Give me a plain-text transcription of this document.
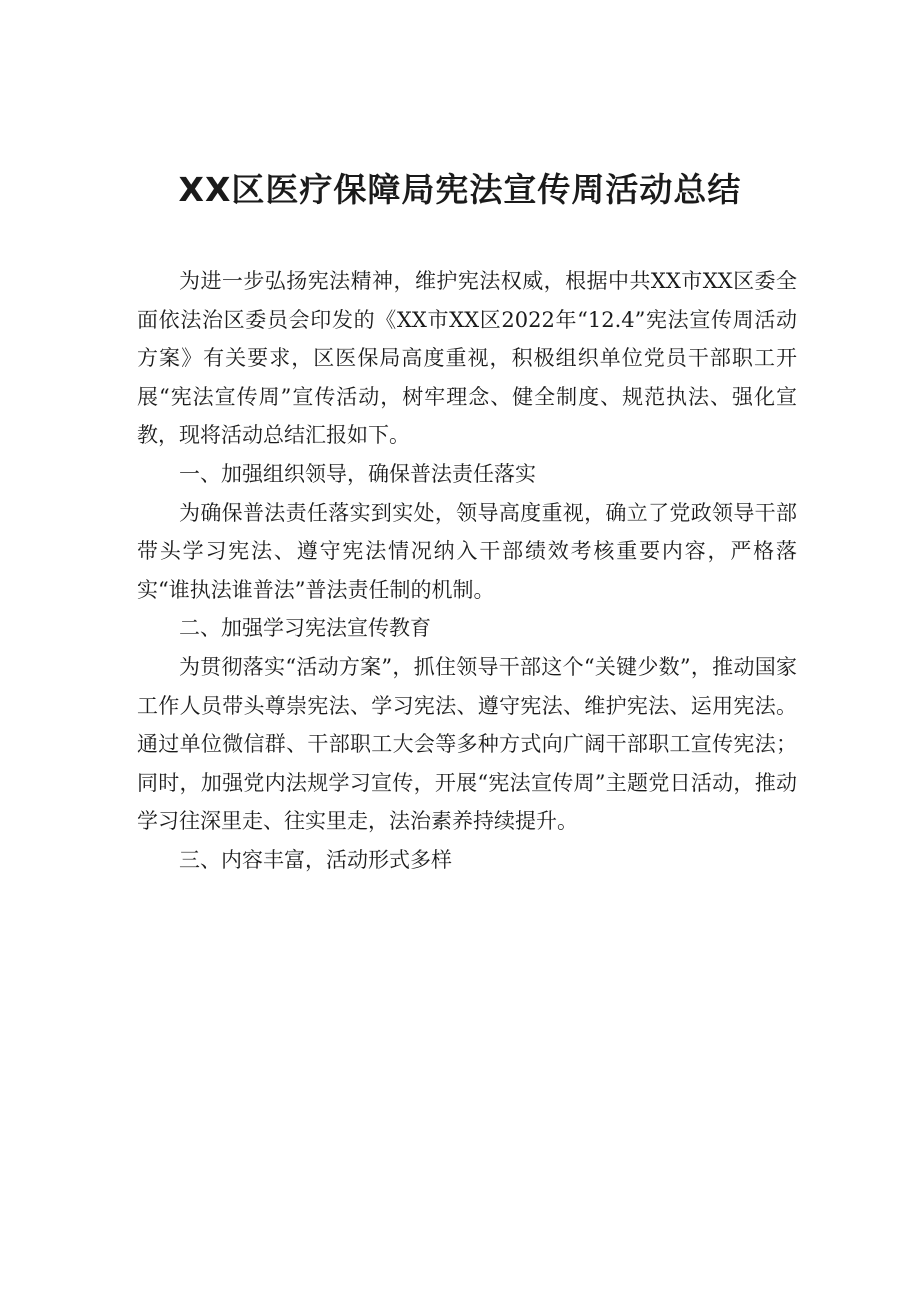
XX区医疗保障局宪法宣传周活动总结

为进一步弘扬宪法精神，维护宪法权威，根据中共XX市XX区委全面依法治区委员会印发的《XX市XX区2022年“12.4”宪法宣传周活动方案》有关要求，区医保局高度重视，积极组织单位党员干部职工开展“宪法宣传周”宣传活动，树牢理念、健全制度、规范执法、强化宣教，现将活动总结汇报如下。

一、加强组织领导，确保普法责任落实

为确保普法责任落实到实处，领导高度重视，确立了党政领导干部带头学习宪法、遵守宪法情况纳入干部绩效考核重要内容，严格落实“谁执法谁普法”普法责任制的机制。

二、加强学习宪法宣传教育

为贯彻落实“活动方案”，抓住领导干部这个“关键少数”，推动国家工作人员带头尊崇宪法、学习宪法、遵守宪法、维护宪法、运用宪法。通过单位微信群、干部职工大会等多种方式向广阔干部职工宣传宪法；同时，加强党内法规学习宣传，开展“宪法宣传周”主题党日活动，推动学习往深里走、往实里走，法治素养持续提升。

三、内容丰富，活动形式多样
